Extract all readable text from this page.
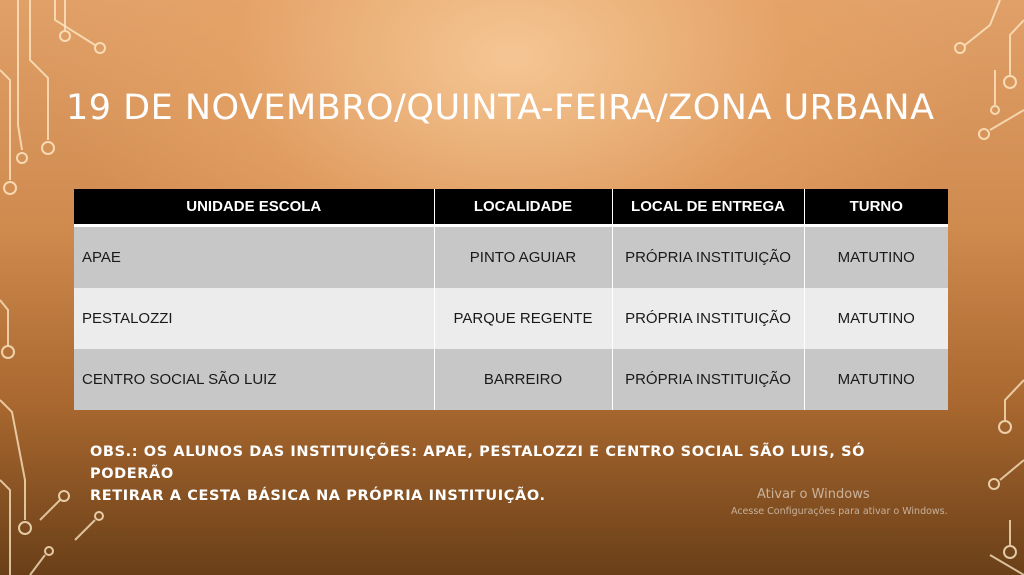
19 DE NOVEMBRO/QUINTA-FEIRA/ZONA URBANA
UNIDADE ESCOLA	LOCALIDADE	LOCAL DE ENTREGA	TURNO
APAE	PINTO AGUIAR	PRÓPRIA INSTITUIÇÃO	MATUTINO
PESTALOZZI	PARQUE REGENTE	PRÓPRIA INSTITUIÇÃO	MATUTINO
CENTRO SOCIAL SÃO LUIZ	BARREIRO	PRÓPRIA INSTITUIÇÃO	MATUTINO
OBS.: OS ALUNOS DAS INSTITUIÇÕES: APAE, PESTALOZZI E CENTRO SOCIAL SÃO LUIS, SÓ PODERÃO
RETIRAR A CESTA BÁSICA NA PRÓPRIA INSTITUIÇÃO.	Ativar o Windows
Acesse Configurações para ativar o Windows.
